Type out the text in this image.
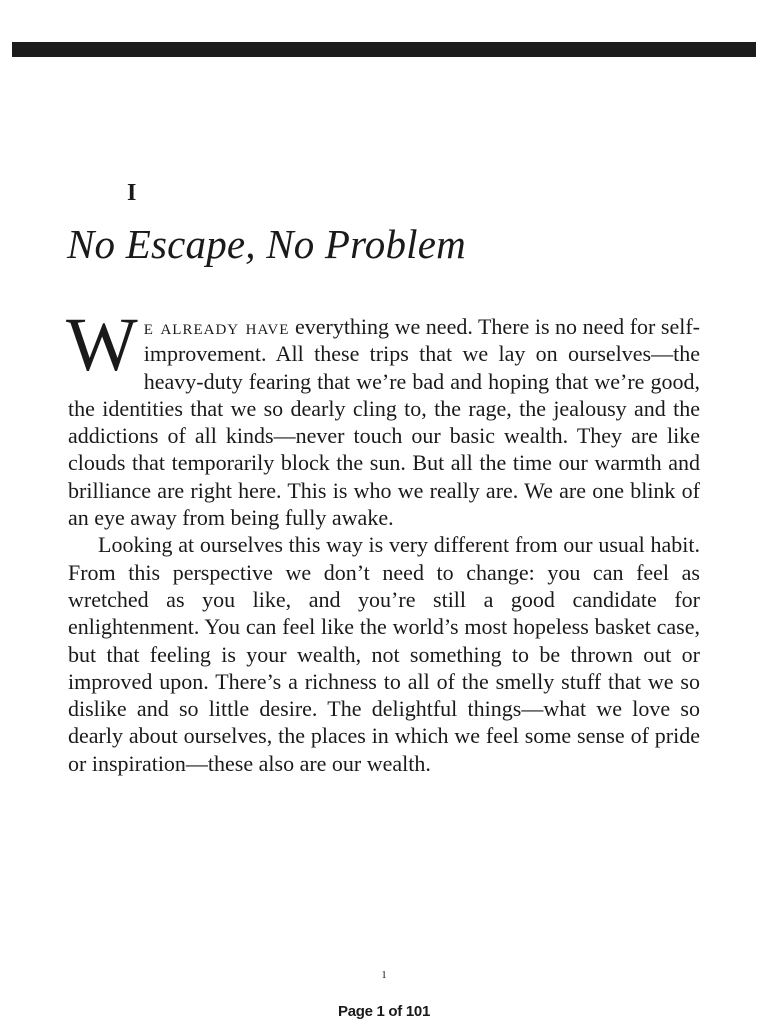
I
No Escape, No Problem

We already have everything we need. There is no need for self-improvement. All these trips that we lay on ourselves—the heavy-duty fearing that we’re bad and hoping that we’re good, the identities that we so dearly cling to, the rage, the jealousy and the addictions of all kinds—never touch our basic wealth. They are like clouds that temporarily block the sun. But all the time our warmth and brilliance are right here. This is who we really are. We are one blink of an eye away from being fully awake.

Looking at ourselves this way is very different from our usual habit. From this perspective we don’t need to change: you can feel as wretched as you like, and you’re still a good candidate for enlightenment. You can feel like the world’s most hopeless basket case, but that feeling is your wealth, not something to be thrown out or improved upon. There’s a richness to all of the smelly stuff that we so dislike and so little desire. The delightful things—what we love so dearly about ourselves, the places in which we feel some sense of pride or inspiration—these also are our wealth.

1
Page 1 of 101
